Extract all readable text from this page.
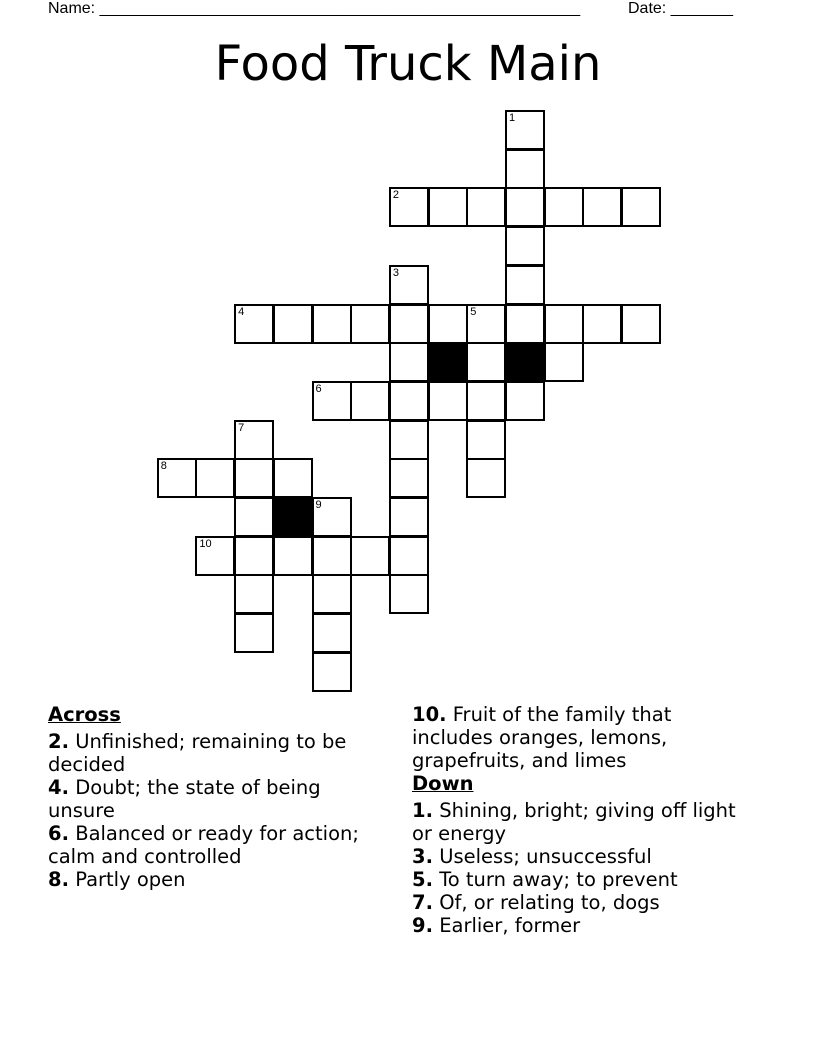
Name: ______________________________________________________	Date: _______
Food Truck Main
1
2
3
4	5
6
7
8
9
10
Across
2. Unfinished; remaining to be decided
4. Doubt; the state of being unsure
6. Balanced or ready for action; calm and controlled
8. Partly open
10. Fruit of the family that includes oranges, lemons, grapefruits, and limes
Down
1. Shining, bright; giving off light or energy
3. Useless; unsuccessful
5. To turn away; to prevent
7. Of, or relating to, dogs
9. Earlier, former
